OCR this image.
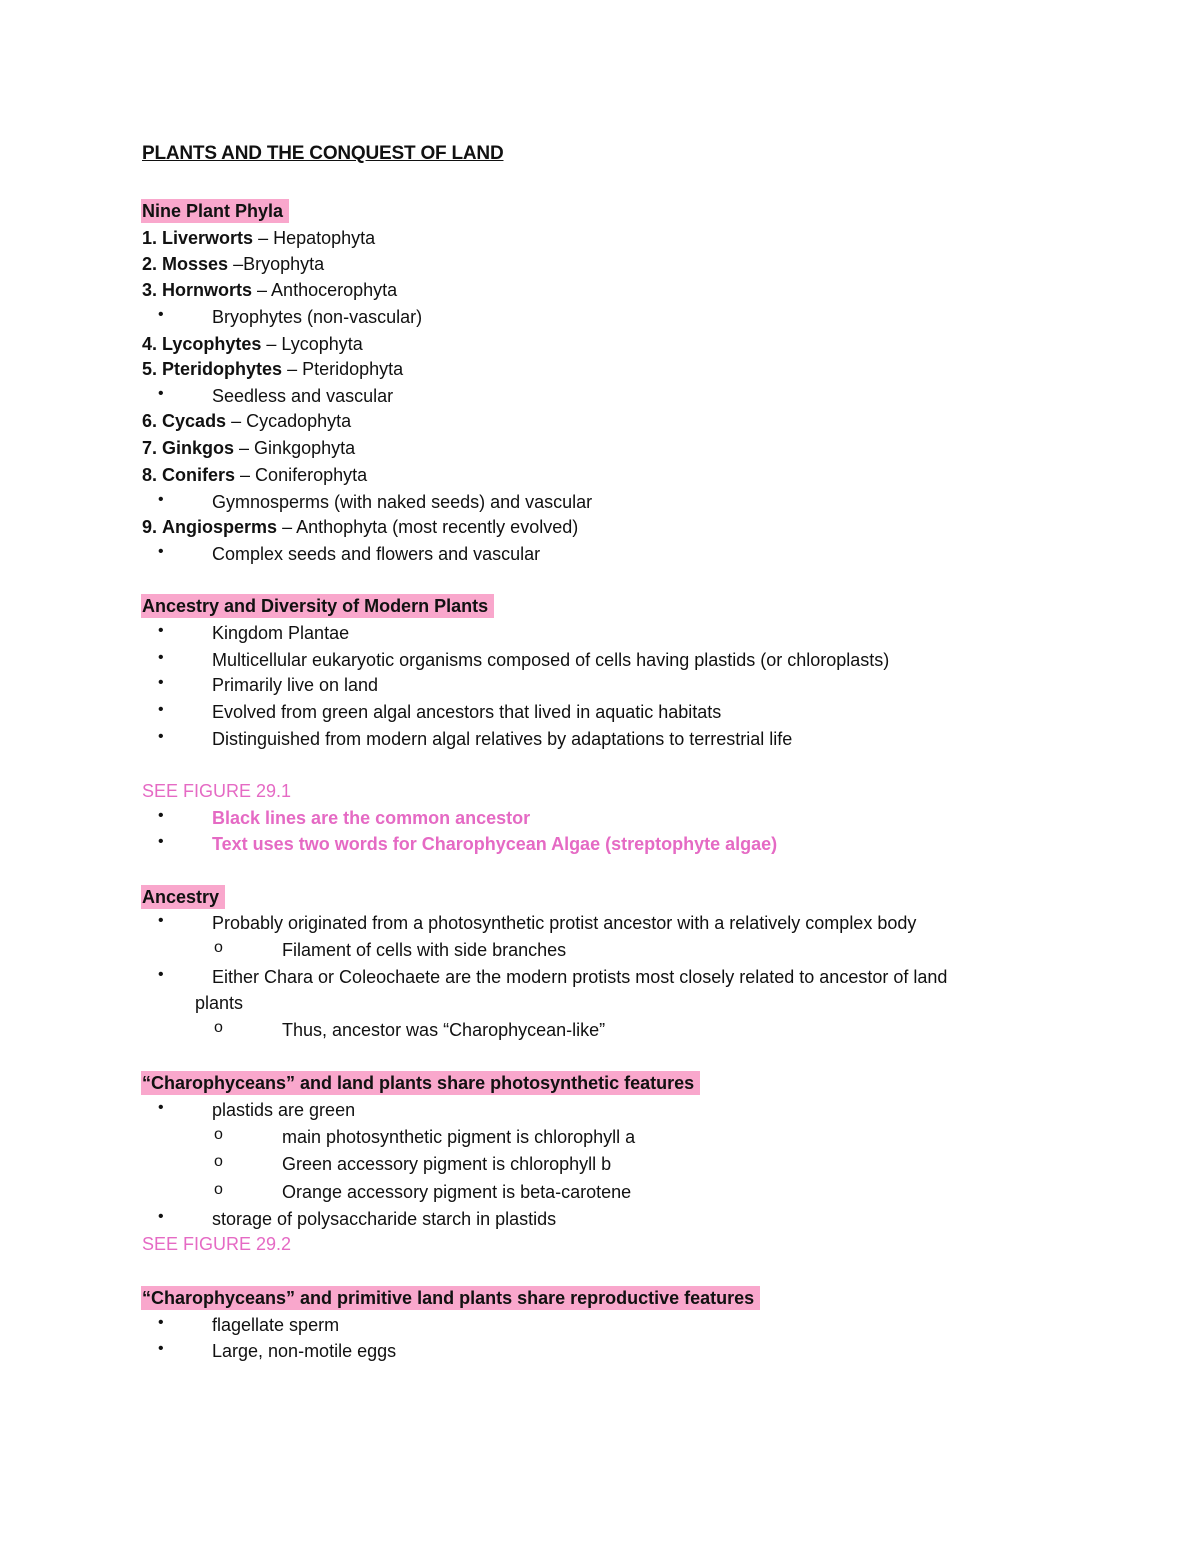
PLANTS AND THE CONQUEST OF LAND
Nine Plant Phyla
1. Liverworts – Hepatophyta
2. Mosses –Bryophyta
3. Hornworts – Anthocerophyta
•	Bryophytes (non-vascular)
4. Lycophytes – Lycophyta
5. Pteridophytes – Pteridophyta
•	Seedless and vascular
6. Cycads – Cycadophyta
7. Ginkgos – Ginkgophyta
8. Conifers – Coniferophyta
•	Gymnosperms (with naked seeds) and vascular
9. Angiosperms – Anthophyta (most recently evolved)
•	Complex seeds and flowers and vascular
Ancestry and Diversity of Modern Plants
•	Kingdom Plantae
•	Multicellular eukaryotic organisms composed of cells having plastids (or chloroplasts)
•	Primarily live on land
•	Evolved from green algal ancestors that lived in aquatic habitats
•	Distinguished from modern algal relatives by adaptations to terrestrial life
SEE FIGURE 29.1
•	Black lines are the common ancestor
•	Text uses two words for Charophycean Algae (streptophyte algae)
Ancestry
•	Probably originated from a photosynthetic protist ancestor with a relatively complex body
o	Filament of cells with side branches
•	Either Chara or Coleochaete are the modern protists most closely related to ancestor of land
plants
o	Thus, ancestor was “Charophycean-like”
“Charophyceans” and land plants share photosynthetic features
•	plastids are green
o	main photosynthetic pigment is chlorophyll a
o	Green accessory pigment is chlorophyll b
o	Orange accessory pigment is beta-carotene
•	storage of polysaccharide starch in plastids
SEE FIGURE 29.2
“Charophyceans” and primitive land plants share reproductive features
•	flagellate sperm
•	Large, non-motile eggs
